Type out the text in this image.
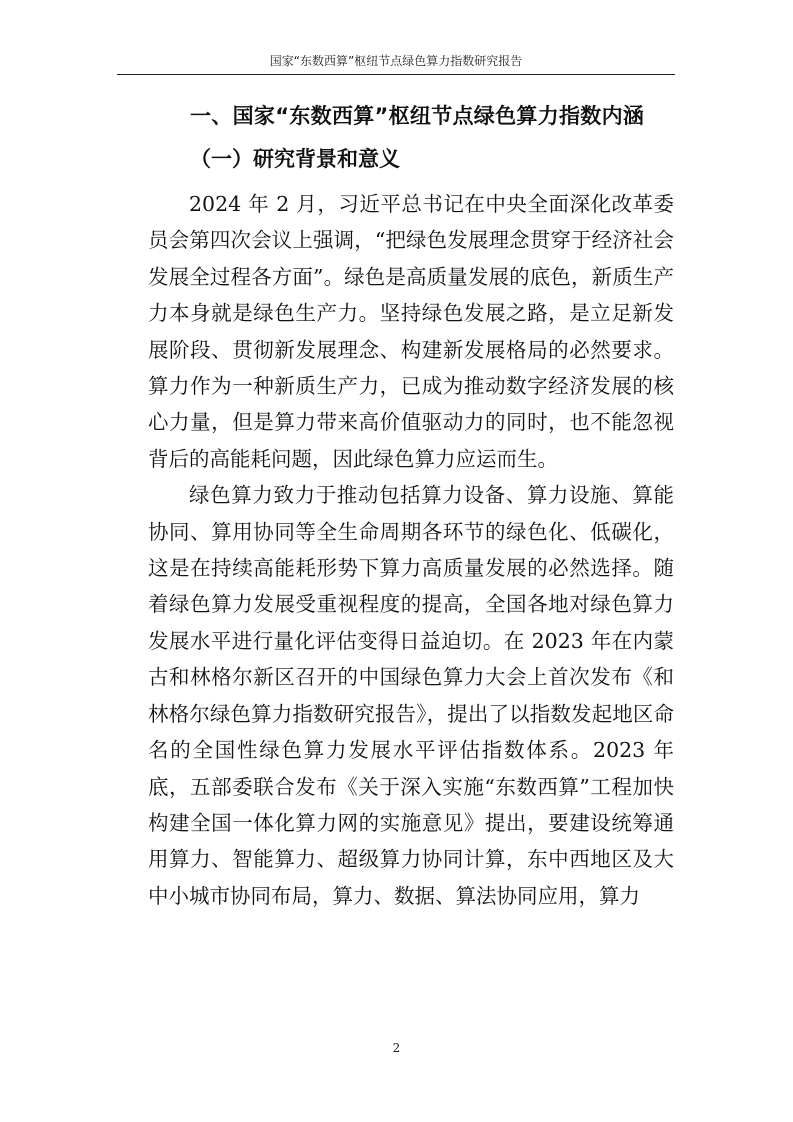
国家“东数西算”枢纽节点绿色算力指数研究报告
一、国家“东数西算”枢纽节点绿色算力指数内涵
（一）研究背景和意义

2024 年 2 月，习近平总书记在中央全面深化改革委员会第四次会议上强调，“把绿色发展理念贯穿于经济社会发展全过程各方面”。绿色是高质量发展的底色，新质生产力本身就是绿色生产力。坚持绿色发展之路，是立足新发展阶段、贯彻新发展理念、构建新发展格局的必然要求。算力作为一种新质生产力，已成为推动数字经济发展的核心力量，但是算力带来高价值驱动力的同时，也不能忽视背后的高能耗问题，因此绿色算力应运而生。

绿色算力致力于推动包括算力设备、算力设施、算能协同、算用协同等全生命周期各环节的绿色化、低碳化，这是在持续高能耗形势下算力高质量发展的必然选择。随着绿色算力发展受重视程度的提高，全国各地对绿色算力发展水平进行量化评估变得日益迫切。在 2023 年在内蒙古和林格尔新区召开的中国绿色算力大会上首次发布《和林格尔绿色算力指数研究报告》，提出了以指数发起地区命名的全国性绿色算力发展水平评估指数体系。2023 年底，五部委联合发布《关于深入实施“东数西算”工程加快构建全国一体化算力网的实施意见》提出，要建设统筹通用算力、智能算力、超级算力协同计算，东中西地区及大中小城市协同布局，算力、数据、算法协同应用，算力

2
